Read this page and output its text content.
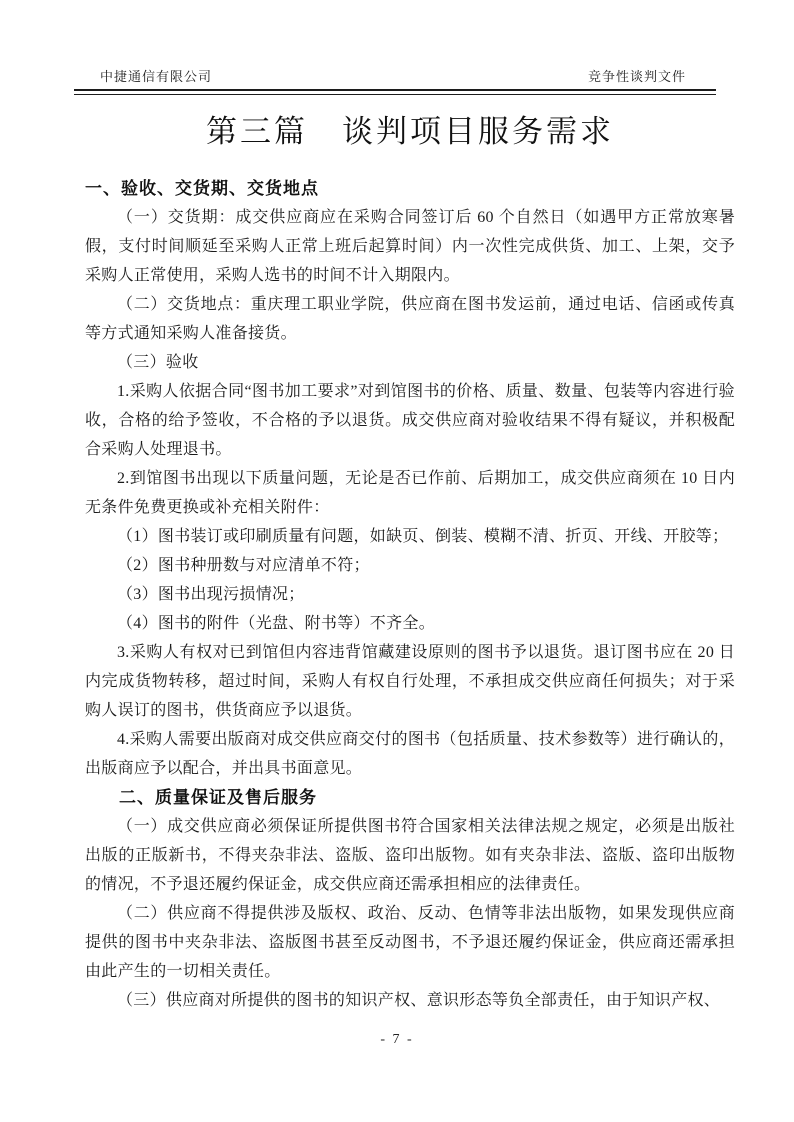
中捷通信有限公司	竞争性谈判文件
第三篇　谈判项目服务需求
一、验收、交货期、交货地点

（一）交货期：成交供应商应在采购合同签订后 60 个自然日（如遇甲方正常放寒暑假，支付时间顺延至采购人正常上班后起算时间）内一次性完成供货、加工、上架，交予采购人正常使用，采购人选书的时间不计入期限内。

（二）交货地点：重庆理工职业学院，供应商在图书发运前，通过电话、信函或传真等方式通知采购人准备接货。

（三）验收

1.采购人依据合同“图书加工要求”对到馆图书的价格、质量、数量、包装等内容进行验收，合格的给予签收，不合格的予以退货。成交供应商对验收结果不得有疑议，并积极配合采购人处理退书。

2.到馆图书出现以下质量问题，无论是否已作前、后期加工，成交供应商须在 10 日内无条件免费更换或补充相关附件：

（1）图书装订或印刷质量有问题，如缺页、倒装、模糊不清、折页、开线、开胶等；

（2）图书种册数与对应清单不符；

（3）图书出现污损情况；

（4）图书的附件（光盘、附书等）不齐全。

3.采购人有权对已到馆但内容违背馆藏建设原则的图书予以退货。退订图书应在 20 日内完成货物转移，超过时间，采购人有权自行处理，不承担成交供应商任何损失；对于采购人误订的图书，供货商应予以退货。

4.采购人需要出版商对成交供应商交付的图书（包括质量、技术参数等）进行确认的，出版商应予以配合，并出具书面意见。

二、质量保证及售后服务

（一）成交供应商必须保证所提供图书符合国家相关法律法规之规定，必须是出版社出版的正版新书，不得夹杂非法、盗版、盗印出版物。如有夹杂非法、盗版、盗印出版物的情况，不予退还履约保证金，成交供应商还需承担相应的法律责任。

（二）供应商不得提供涉及版权、政治、反动、色情等非法出版物，如果发现供应商提供的图书中夹杂非法、盗版图书甚至反动图书，不予退还履约保证金，供应商还需承担由此产生的一切相关责任。

（三）供应商对所提供的图书的知识产权、意识形态等负全部责任，由于知识产权、

- 7 -
